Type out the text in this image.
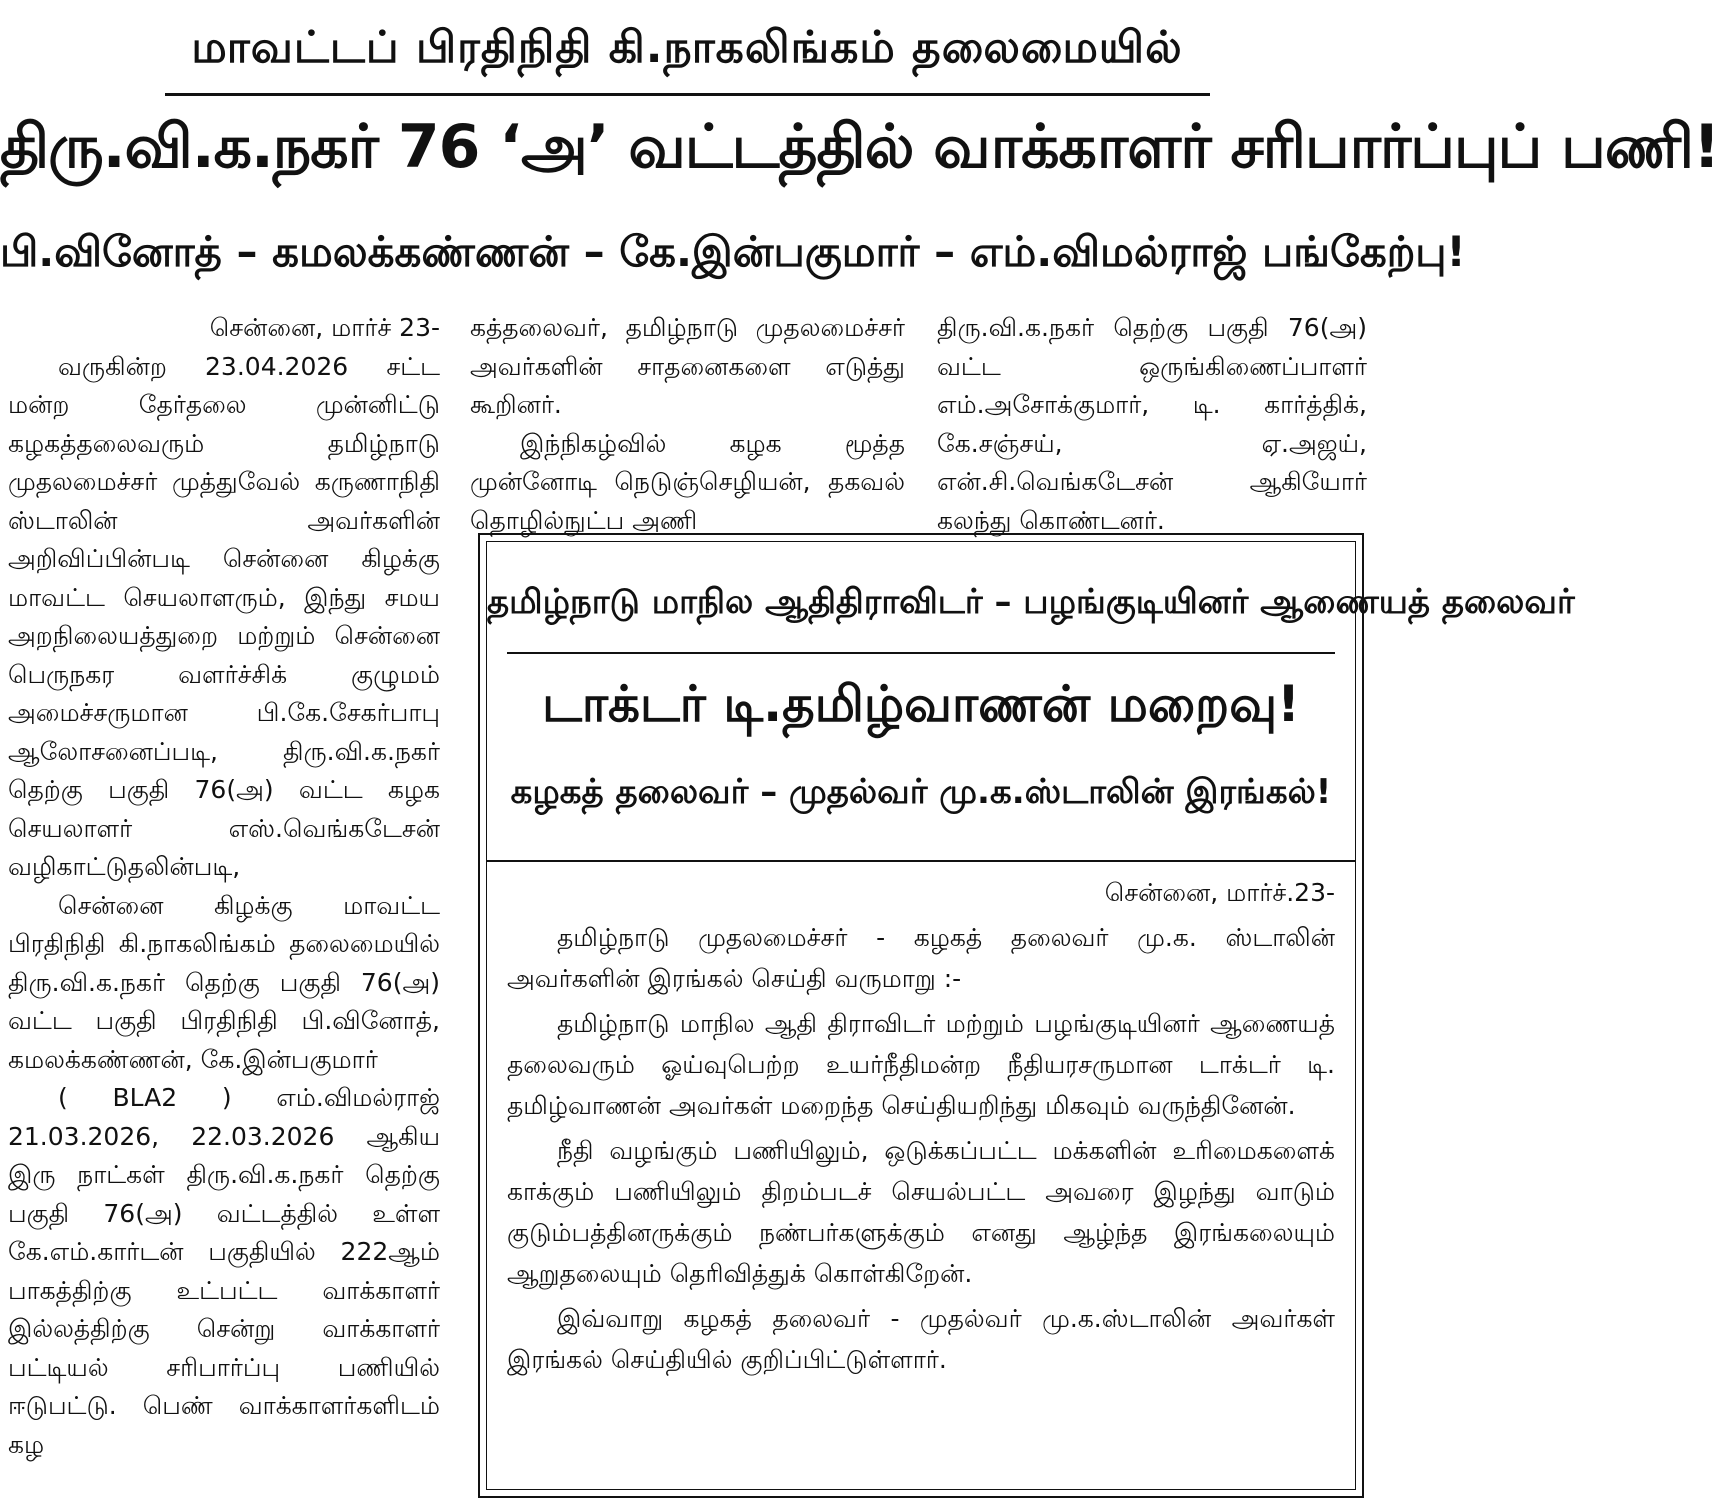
மாவட்டப் பிரதிநிதி கி.நாகலிங்கம் தலைமையில்
திரு.வி.க.நகர் 76 ‘அ’ வட்டத்தில் வாக்காளர் சரிபார்ப்புப் பணி!
பி.வினோத் – கமலக்கண்ணன் – கே.இன்பகுமார் – எம்.விமல்ராஜ் பங்கேற்பு!

சென்னை, மார்ச் 23-

வருகின்ற 23.04.2026 சட்ட மன்ற தேர்தலை முன்னிட்டு கழகத்தலைவரும் தமிழ்நாடு முதலமைச்சர் முத்துவேல் கருணாநிதி ஸ்டாலின் அவர்களின் அறிவிப்பின்படி சென்னை கிழக்கு மாவட்ட செயலாளரும், இந்து சமய அறநிலையத்துறை மற்றும் சென்னை பெருநகர வளர்ச்சிக் குழுமம் அமைச்சருமான பி.கே.சேகர்பாபு ஆலோசனைப்படி, திரு.வி.க.நகர் தெற்கு பகுதி 76(அ) வட்ட கழக செயலாளர் எஸ்.வெங்கடேசன் வழிகாட்டுதலின்படி,

சென்னை கிழக்கு மாவட்ட பிரதிநிதி கி.நாகலிங்கம் தலைமையில் திரு.வி.க.நகர் தெற்கு பகுதி 76(அ) வட்ட பகுதி பிரதிநிதி பி.வினோத், கமலக்கண்ணன், கே.இன்பகுமார்

( BLA2 ) எம்.விமல்ராஜ் 21.03.2026, 22.03.2026 ஆகிய இரு நாட்கள் திரு.வி.க.நகர் தெற்கு பகுதி 76(அ) வட்டத்தில் உள்ள கே.எம்.கார்டன் பகுதியில் 222ஆம் பாகத்திற்கு உட்பட்ட வாக்காளர் இல்லத்திற்கு சென்று வாக்காளர் பட்டியல் சரிபார்ப்பு பணியில் ஈடுபட்டு. பெண் வாக்காளர்களிடம் கழ

கத்தலைவர், தமிழ்நாடு முதலமைச்சர் அவர்களின் சாதனைகளை எடுத்து கூறினர்.

இந்நிகழ்வில் கழக மூத்த முன்னோடி நெடுஞ்செழியன், தகவல் தொழில்நுட்ப அணி

திரு.வி.க.நகர் தெற்கு பகுதி 76(அ) வட்ட ஒருங்கிணைப்பாளர் எம்.அசோக்குமார், டி. கார்த்திக், கே.சஞ்சய், ஏ.அஜய், என்.சி.வெங்கடேசன் ஆகியோர் கலந்து கொண்டனர்.

தமிழ்நாடு மாநில ஆதிதிராவிடர் – பழங்குடியினர் ஆணையத் தலைவர்
டாக்டர் டி.தமிழ்வாணன் மறைவு!
கழகத் தலைவர் – முதல்வர் மு.க.ஸ்டாலின் இரங்கல்!

சென்னை, மார்ச்.23-

தமிழ்நாடு முதலமைச்சர் - கழகத் தலைவர் மு.க. ஸ்டாலின் அவர்களின் இரங்கல் செய்தி வருமாறு :-

தமிழ்நாடு மாநில ஆதி திராவிடர் மற்றும் பழங்குடியினர் ஆணையத் தலைவரும் ஓய்வுபெற்ற உயர்நீதிமன்ற நீதியரசருமான டாக்டர் டி. தமிழ்வாணன் அவர்கள் மறைந்த செய்தியறிந்து மிகவும் வருந்தினேன்.

நீதி வழங்கும் பணியிலும், ஒடுக்கப்பட்ட மக்களின் உரிமைகளைக் காக்கும் பணியிலும் திறம்படச் செயல்பட்ட அவரை இழந்து வாடும் குடும்பத்தினருக்கும் நண்பர்களுக்கும் எனது ஆழ்ந்த இரங்கலையும் ஆறுதலையும் தெரிவித்துக் கொள்கிறேன்.

இவ்வாறு கழகத் தலைவர் - முதல்வர் மு.க.ஸ்டாலின் அவர்கள் இரங்கல் செய்தியில் குறிப்பிட்டுள்ளார்.
